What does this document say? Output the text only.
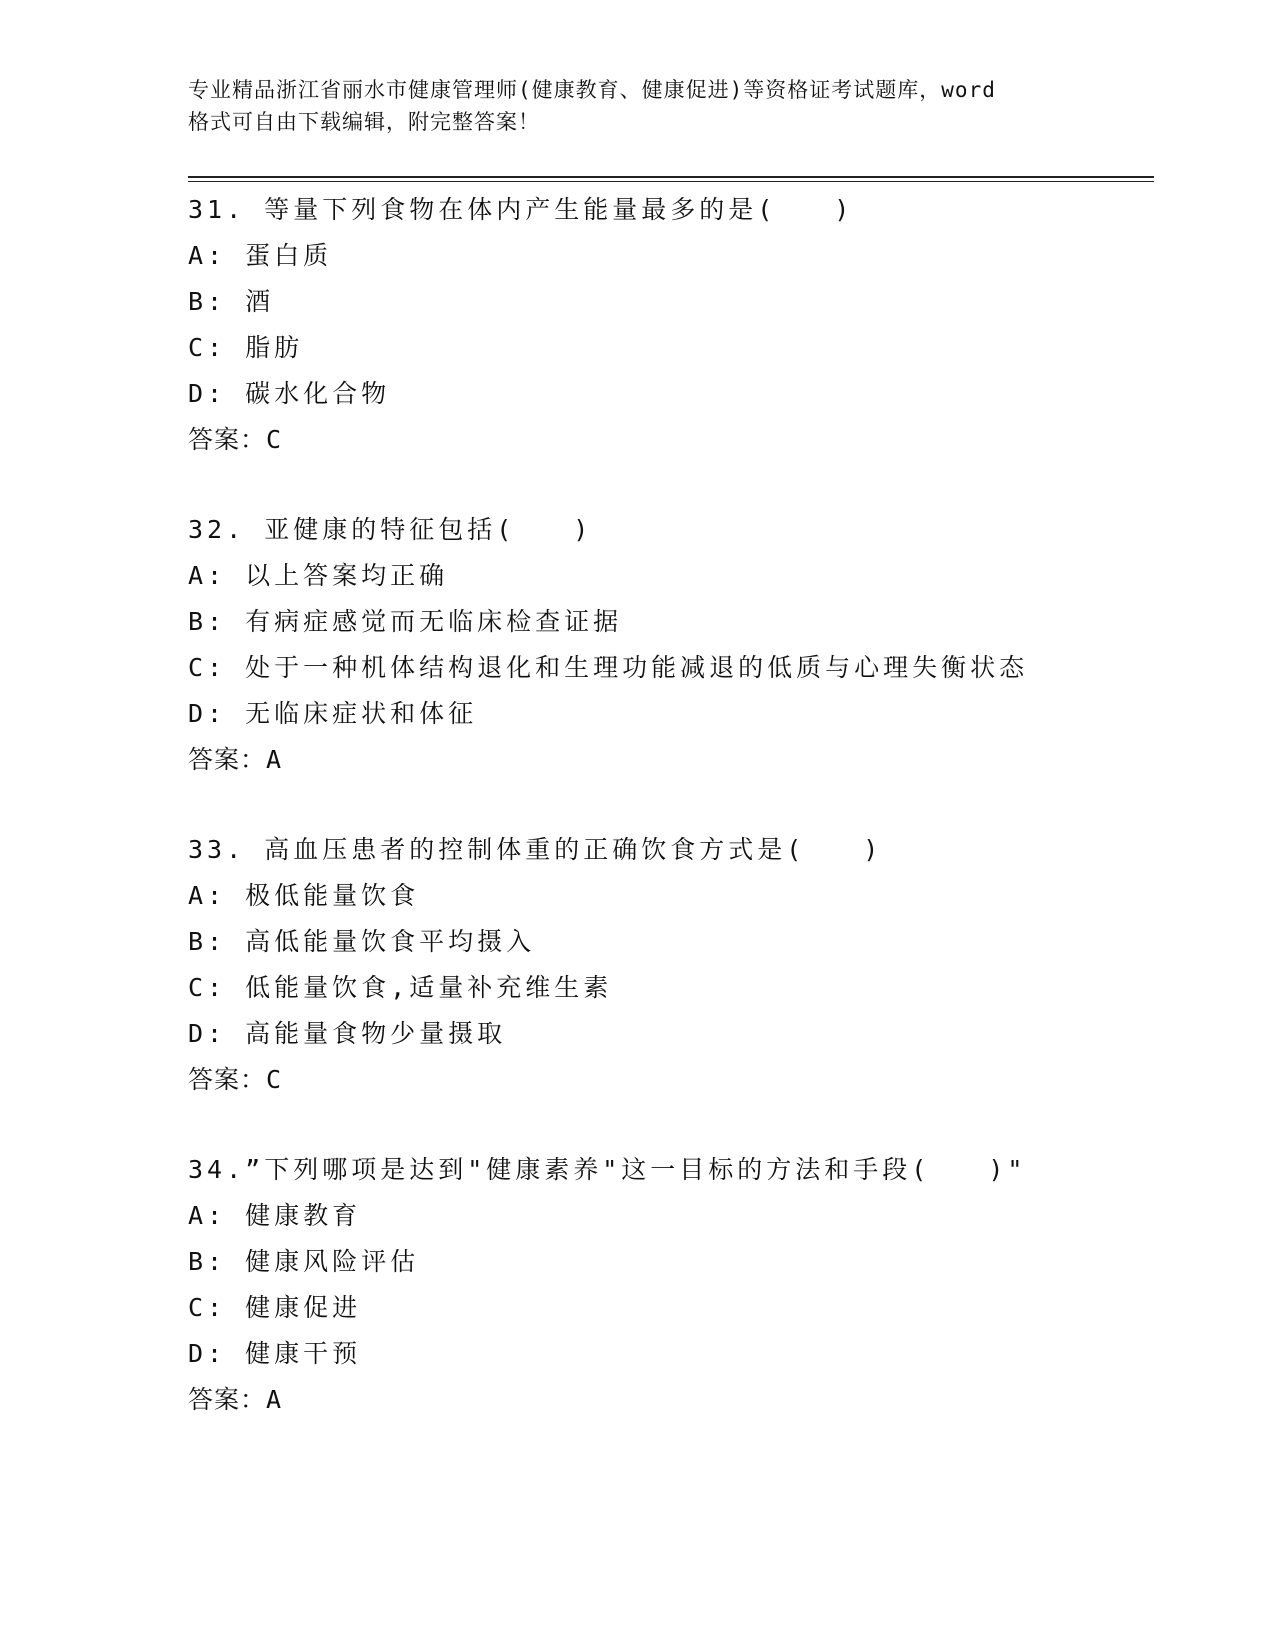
专业精品浙江省丽水市健康管理师(健康教育、健康促进)等资格证考试题库，word
格式可自由下载编辑，附完整答案！
31. 等量下列食物在体内产生能量最多的是(　　)
A: 蛋白质
B: 酒
C: 脂肪
D: 碳水化合物
答案：C
32. 亚健康的特征包括(　　)
A: 以上答案均正确
B: 有病症感觉而无临床检查证据
C: 处于一种机体结构退化和生理功能减退的低质与心理失衡状态
D: 无临床症状和体征
答案：A
33. 高血压患者的控制体重的正确饮食方式是(　　)
A: 极低能量饮食
B: 高低能量饮食平均摄入
C: 低能量饮食,适量补充维生素
D: 高能量食物少量摄取
答案：C
34.”下列哪项是达到"健康素养"这一目标的方法和手段(　　)"
A: 健康教育
B: 健康风险评估
C: 健康促进
D: 健康干预
答案：A
